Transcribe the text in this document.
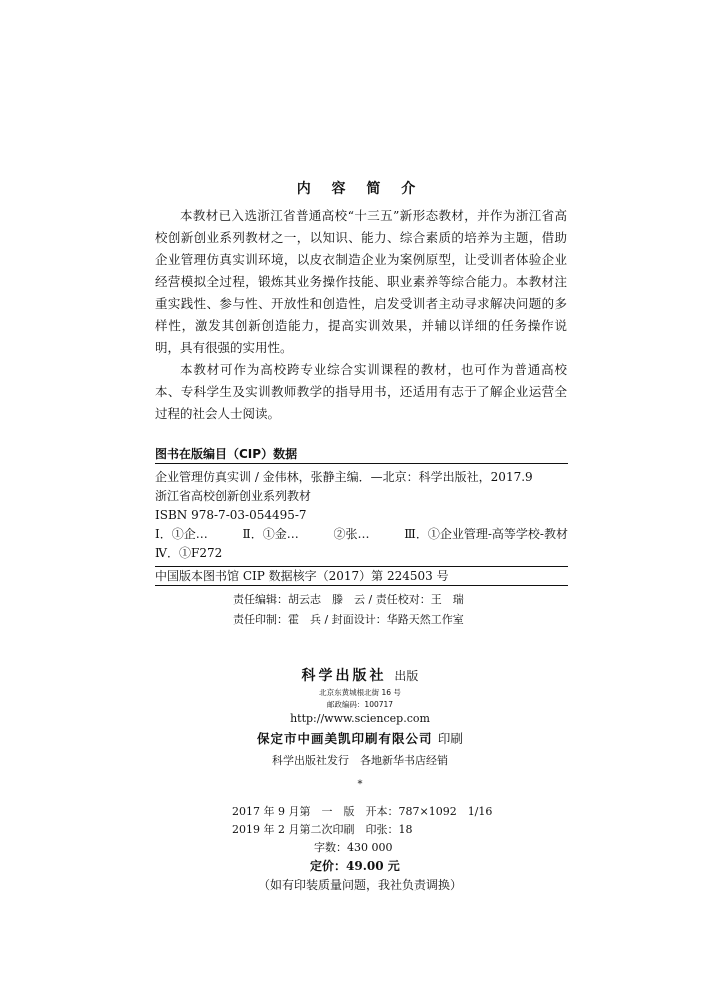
内 容 简 介

本教材已入选浙江省普通高校“十三五”新形态教材，并作为浙江省高校创新创业系列教材之一，以知识、能力、综合素质的培养为主题，借助企业管理仿真实训环境，以皮衣制造企业为案例原型，让受训者体验企业经营模拟全过程，锻炼其业务操作技能、职业素养等综合能力。本教材注重实践性、参与性、开放性和创造性，启发受训者主动寻求解决问题的多样性，激发其创新创造能力，提高实训效果，并辅以详细的任务操作说明，具有很强的实用性。

本教材可作为高校跨专业综合实训课程的教材，也可作为普通高校本、专科学生及实训教师教学的指导用书，还适用有志于了解企业运营全过程的社会人士阅读。

图书在版编目（CIP）数据
企业管理仿真实训 / 金伟林，张静主编．—北京：科学出版社，2017.9
浙江省高校创新创业系列教材
ISBN 978-7-03-054495-7
Ⅰ．①企…	Ⅱ．①金…	②张…	Ⅲ．①企业管理-高等学校-教材
Ⅳ．①F272
中国版本图书馆 CIP 数据核字（2017）第 224503 号
责任编辑：胡云志　滕　云 / 责任校对：王　瑞
责任印制：霍　兵 / 封面设计：华路天然工作室
科学出版社 出版
北京东黄城根北街 16 号
邮政编码：100717
http://www.sciencep.com
保定市中画美凯印刷有限公司 印刷
科学出版社发行　各地新华书店经销
*
2017 年 9 月第　一　版　开本：787×1092　1/16
2019 年 2 月第二次印刷　印张：18
字数：430 000
定价：49.00 元
（如有印装质量问题，我社负责调换）
